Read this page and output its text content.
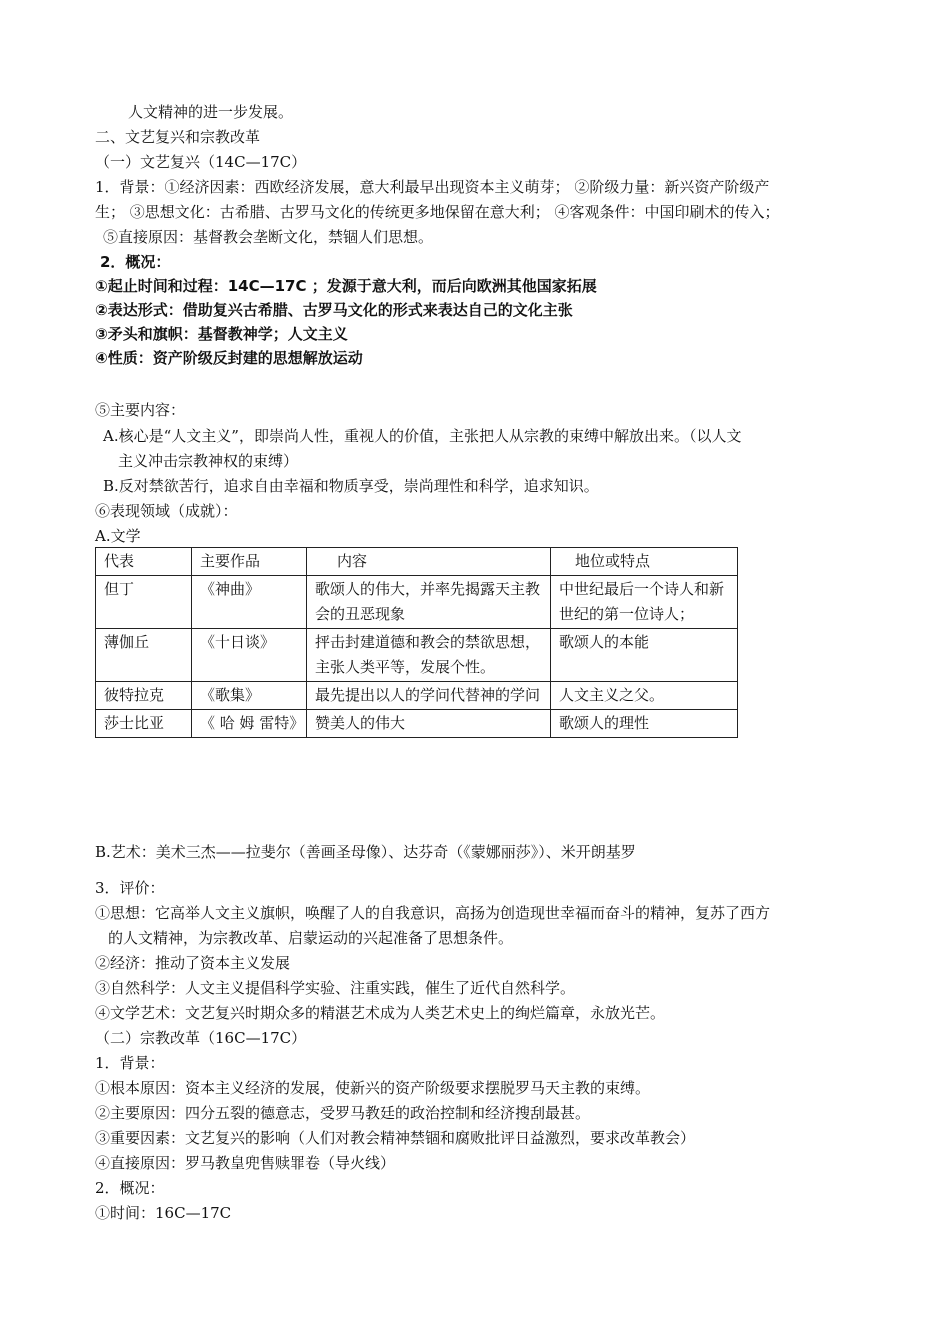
人文精神的进一步发展。
二、文艺复兴和宗教改革
（一）文艺复兴（14C—17C）
1．背景：①经济因素：西欧经济发展，意大利最早出现资本主义萌芽； ②阶级力量：新兴资产阶级产
生； ③思想文化：古希腊、古罗马文化的传统更多地保留在意大利； ④客观条件：中国印刷术的传入；
⑤直接原因：基督教会垄断文化，禁锢人们思想。
2．概况：
①起止时间和过程：14C—17C ；发源于意大利，而后向欧洲其他国家拓展
②表达形式：借助复兴古希腊、古罗马文化的形式来表达自己的文化主张
③矛头和旗帜：基督教神学；人文主义
④性质：资产阶级反封建的思想解放运动
⑤主要内容：
A.核心是“人文主义”，即崇尚人性，重视人的价值，主张把人从宗教的束缚中解放出来。（以人文
主义冲击宗教神权的束缚）
B.反对禁欲苦行，追求自由幸福和物质享受，崇尚理性和科学，追求知识。
⑥表现领域（成就）：
A.文学
代表	主要作品	内容	地位或特点
但丁	《神曲》	歌颂人的伟大，并率先揭露天主教会的丑恶现象	中世纪最后一个诗人和新世纪的第一位诗人；
薄伽丘	《十日谈》	抨击封建道德和教会的禁欲思想，主张人类平等，发展个性。	歌颂人的本能
彼特拉克	《歌集》	最先提出以人的学问代替神的学问	人文主义之父。
莎士比亚	《 哈 姆 雷特》	赞美人的伟大	歌颂人的理性
B.艺术：美术三杰——拉斐尔（善画圣母像）、达芬奇（《蒙娜丽莎》）、米开朗基罗
3．评价：
①思想：它高举人文主义旗帜，唤醒了人的自我意识，高扬为创造现世幸福而奋斗的精神，复苏了西方
的人文精神，为宗教改革、启蒙运动的兴起准备了思想条件。
②经济：推动了资本主义发展
③自然科学：人文主义提倡科学实验、注重实践，催生了近代自然科学。
④文学艺术：文艺复兴时期众多的精湛艺术成为人类艺术史上的绚烂篇章，永放光芒。
（二）宗教改革（16C—17C）
1．背景：
①根本原因：资本主义经济的发展，使新兴的资产阶级要求摆脱罗马天主教的束缚。
②主要原因：四分五裂的德意志，受罗马教廷的政治控制和经济搜刮最甚。
③重要因素：文艺复兴的影响（人们对教会精神禁锢和腐败批评日益激烈，要求改革教会）
④直接原因：罗马教皇兜售赎罪卷（导火线）
2．概况：
①时间：16C—17C
